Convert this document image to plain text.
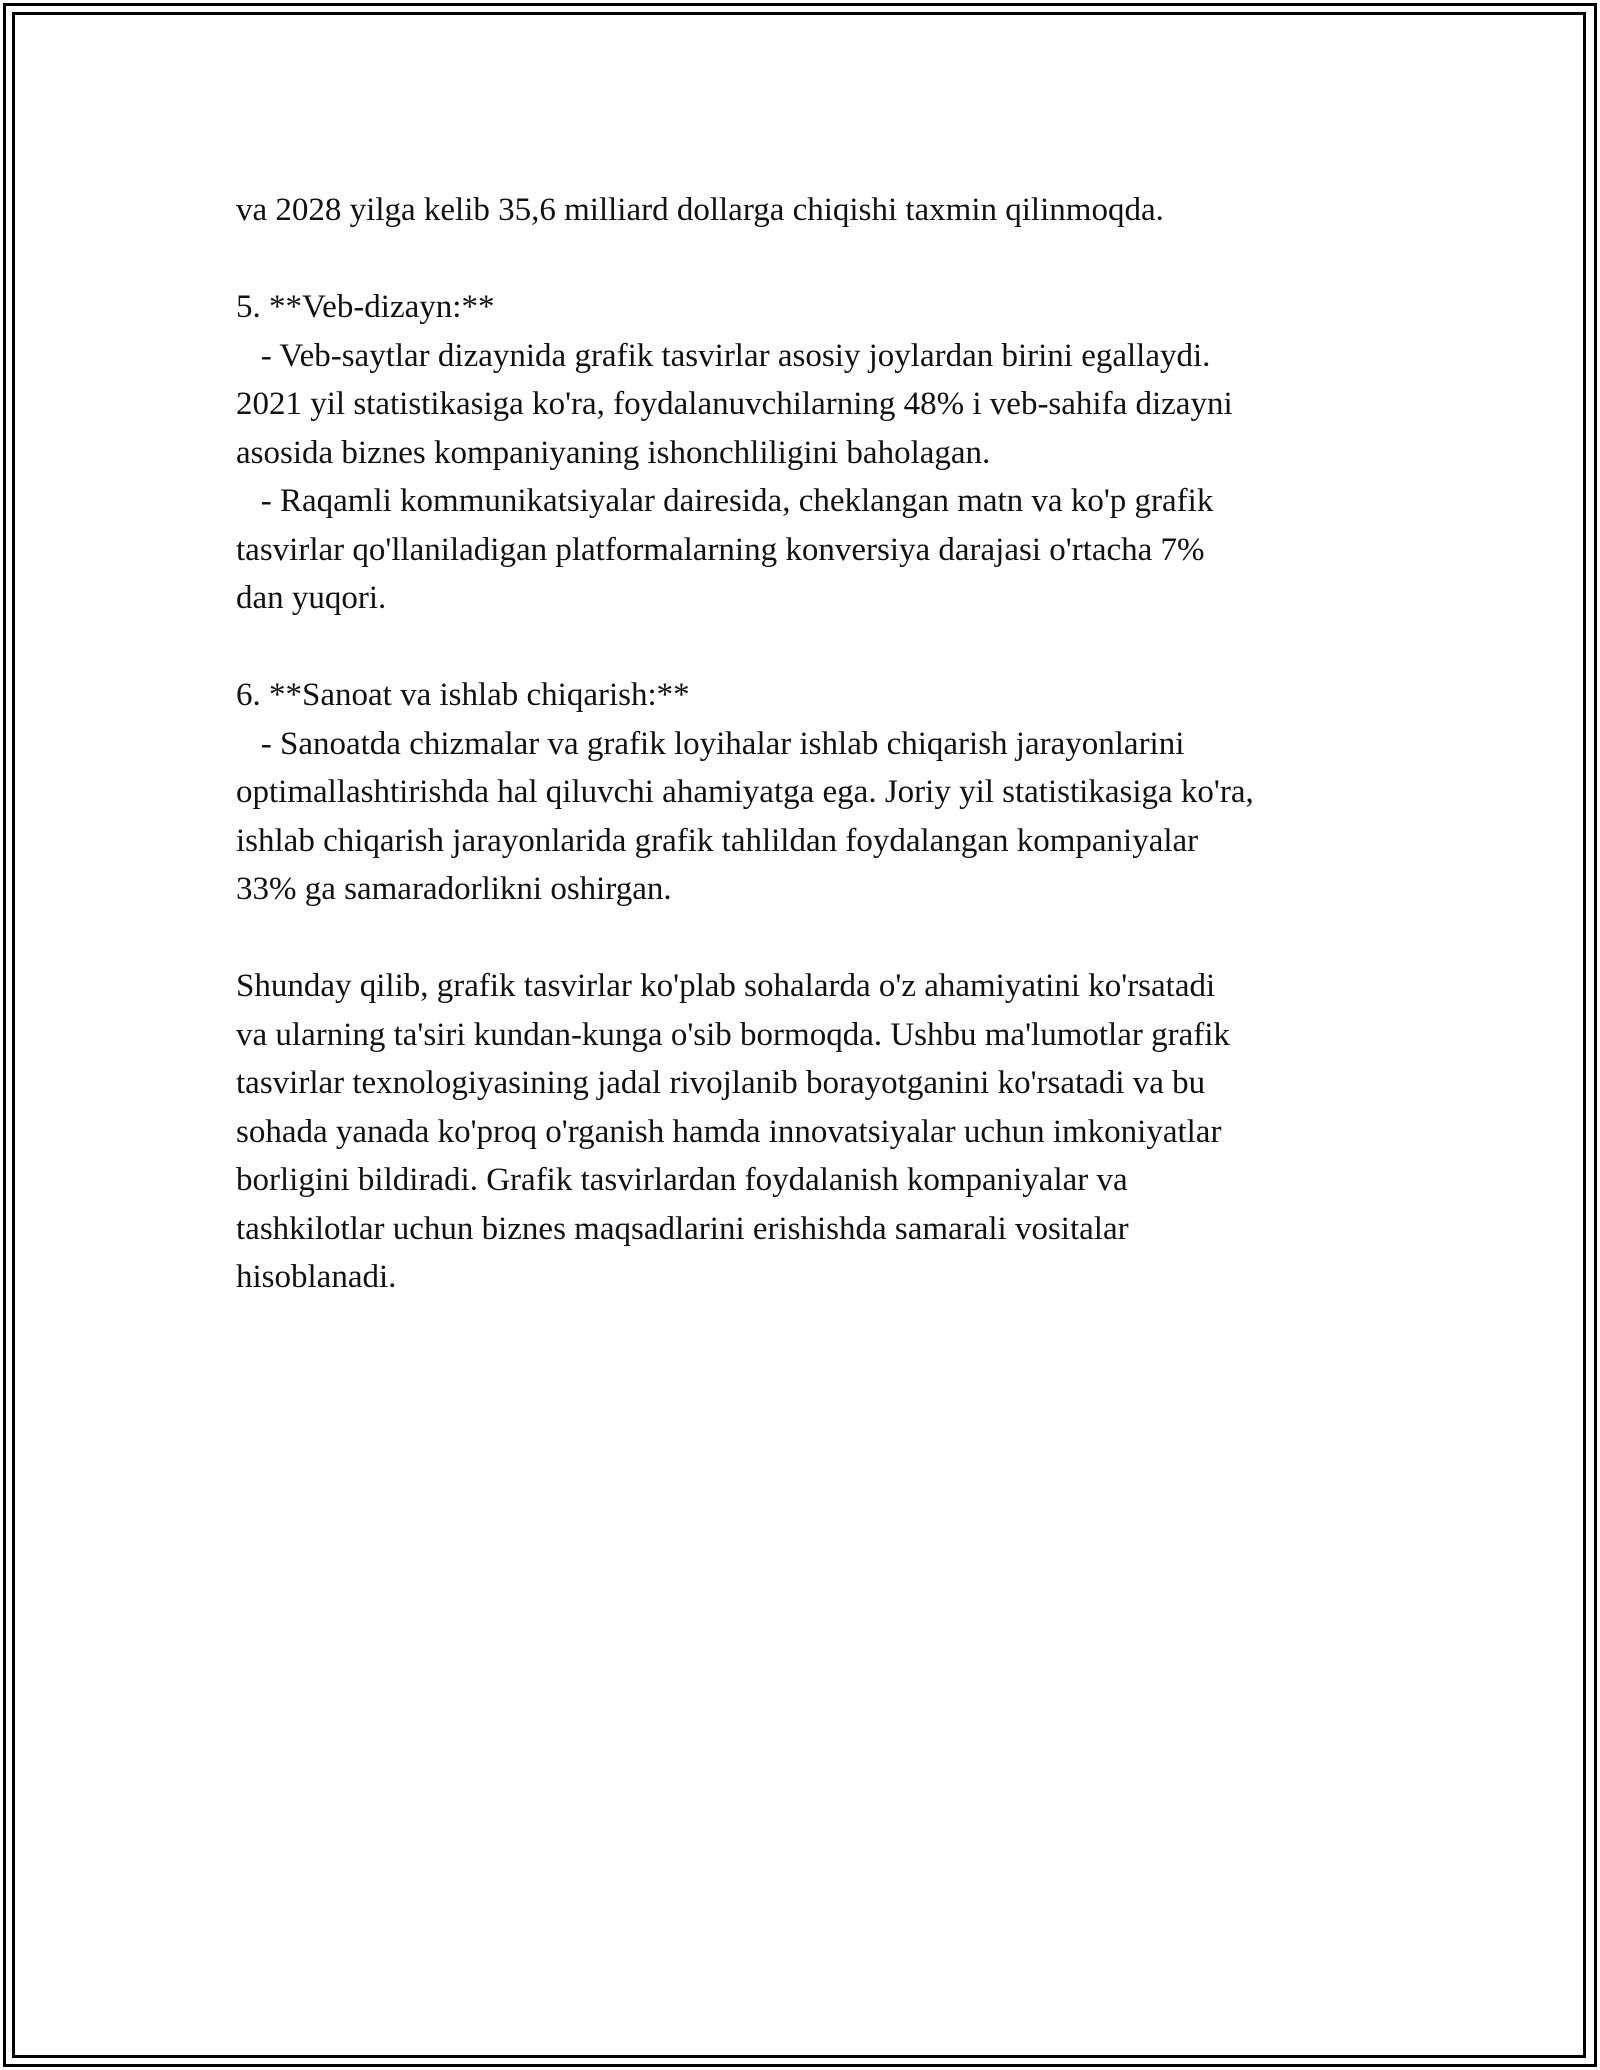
va 2028 yilga kelib 35,6 milliard dollarga chiqishi taxmin qilinmoqda.
5. **Veb-dizayn:**
- Veb-saytlar dizaynida grafik tasvirlar asosiy joylardan birini egallaydi.
2021 yil statistikasiga ko'ra, foydalanuvchilarning 48% i veb-sahifa dizayni
asosida biznes kompaniyaning ishonchliligini baholagan.
- Raqamli kommunikatsiyalar dairesida, cheklangan matn va ko'p grafik
tasvirlar qo'llaniladigan platformalarning konversiya darajasi o'rtacha 7%
dan yuqori.
6. **Sanoat va ishlab chiqarish:**
- Sanoatda chizmalar va grafik loyihalar ishlab chiqarish jarayonlarini
optimallashtirishda hal qiluvchi ahamiyatga ega. Joriy yil statistikasiga ko'ra,
ishlab chiqarish jarayonlarida grafik tahlildan foydalangan kompaniyalar
33% ga samaradorlikni oshirgan.
Shunday qilib, grafik tasvirlar ko'plab sohalarda o'z ahamiyatini ko'rsatadi
va ularning ta'siri kundan-kunga o'sib bormoqda. Ushbu ma'lumotlar grafik
tasvirlar texnologiyasining jadal rivojlanib borayotganini ko'rsatadi va bu
sohada yanada ko'proq o'rganish hamda innovatsiyalar uchun imkoniyatlar
borligini bildiradi. Grafik tasvirlardan foydalanish kompaniyalar va
tashkilotlar uchun biznes maqsadlarini erishishda samarali vositalar
hisoblanadi.
